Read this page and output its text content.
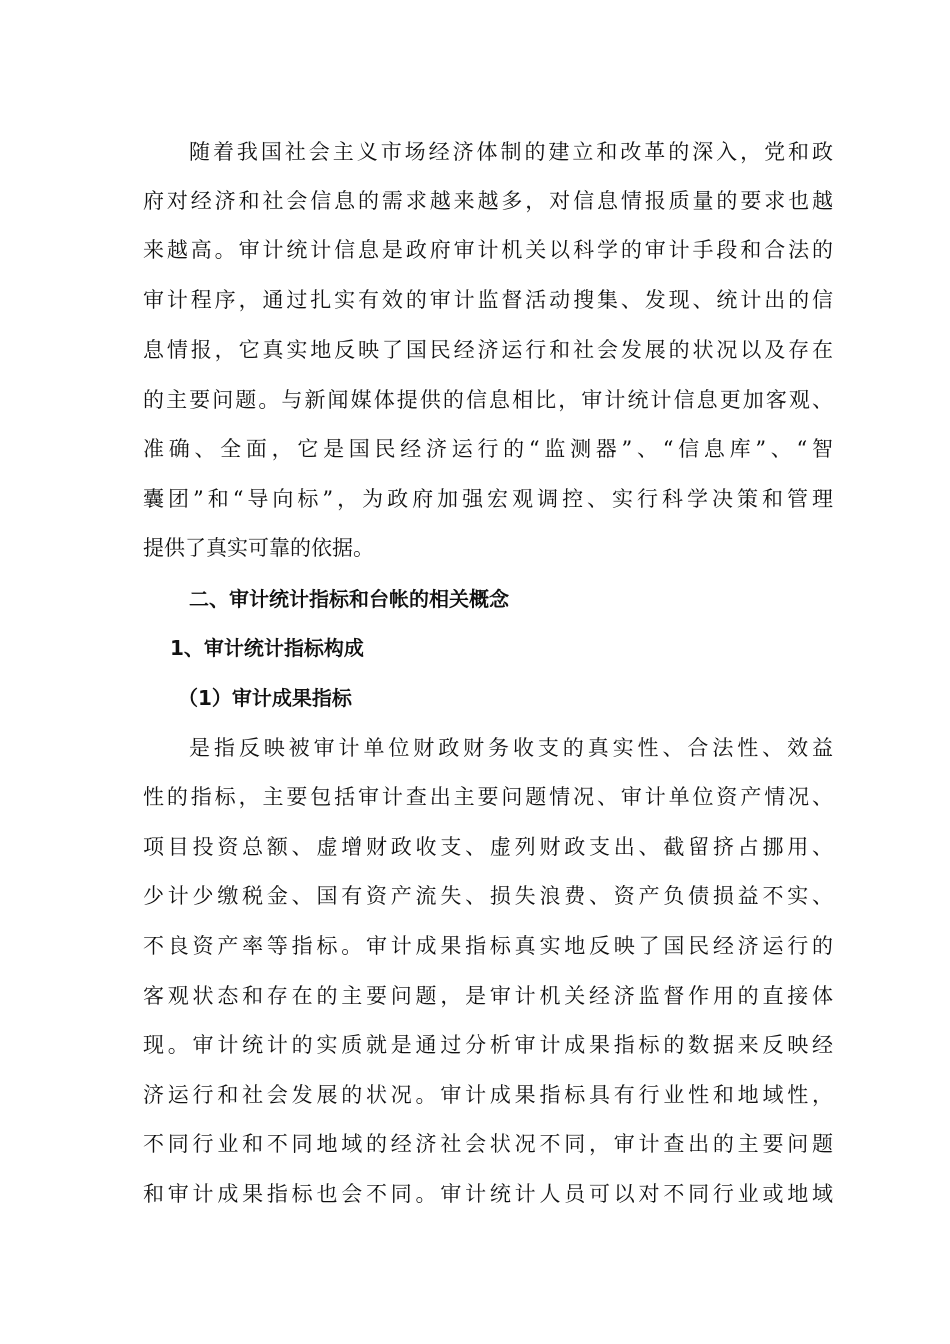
随着我国社会主义市场经济体制的建立和改革的深入，党和政
府对经济和社会信息的需求越来越多，对信息情报质量的要求也越
来越高。审计统计信息是政府审计机关以科学的审计手段和合法的
审计程序，通过扎实有效的审计监督活动搜集、发现、统计出的信
息情报，它真实地反映了国民经济运行和社会发展的状况以及存在
的主要问题。与新闻媒体提供的信息相比，审计统计信息更加客观、
准确、全面，它是国民经济运行的“监测器”、“信息库”、“智
囊团”和“导向标”，为政府加强宏观调控、实行科学决策和管理
提供了真实可靠的依据。
二、审计统计指标和台帐的相关概念
1、审计统计指标构成
（1）审计成果指标
是指反映被审计单位财政财务收支的真实性、合法性、效益
性的指标，主要包括审计查出主要问题情况、审计单位资产情况、
项目投资总额、虚增财政收支、虚列财政支出、截留挤占挪用、
少计少缴税金、国有资产流失、损失浪费、资产负债损益不实、
不良资产率等指标。审计成果指标真实地反映了国民经济运行的
客观状态和存在的主要问题，是审计机关经济监督作用的直接体
现。审计统计的实质就是通过分析审计成果指标的数据来反映经
济运行和社会发展的状况。审计成果指标具有行业性和地域性，
不同行业和不同地域的经济社会状况不同，审计查出的主要问题
和审计成果指标也会不同。审计统计人员可以对不同行业或地域
